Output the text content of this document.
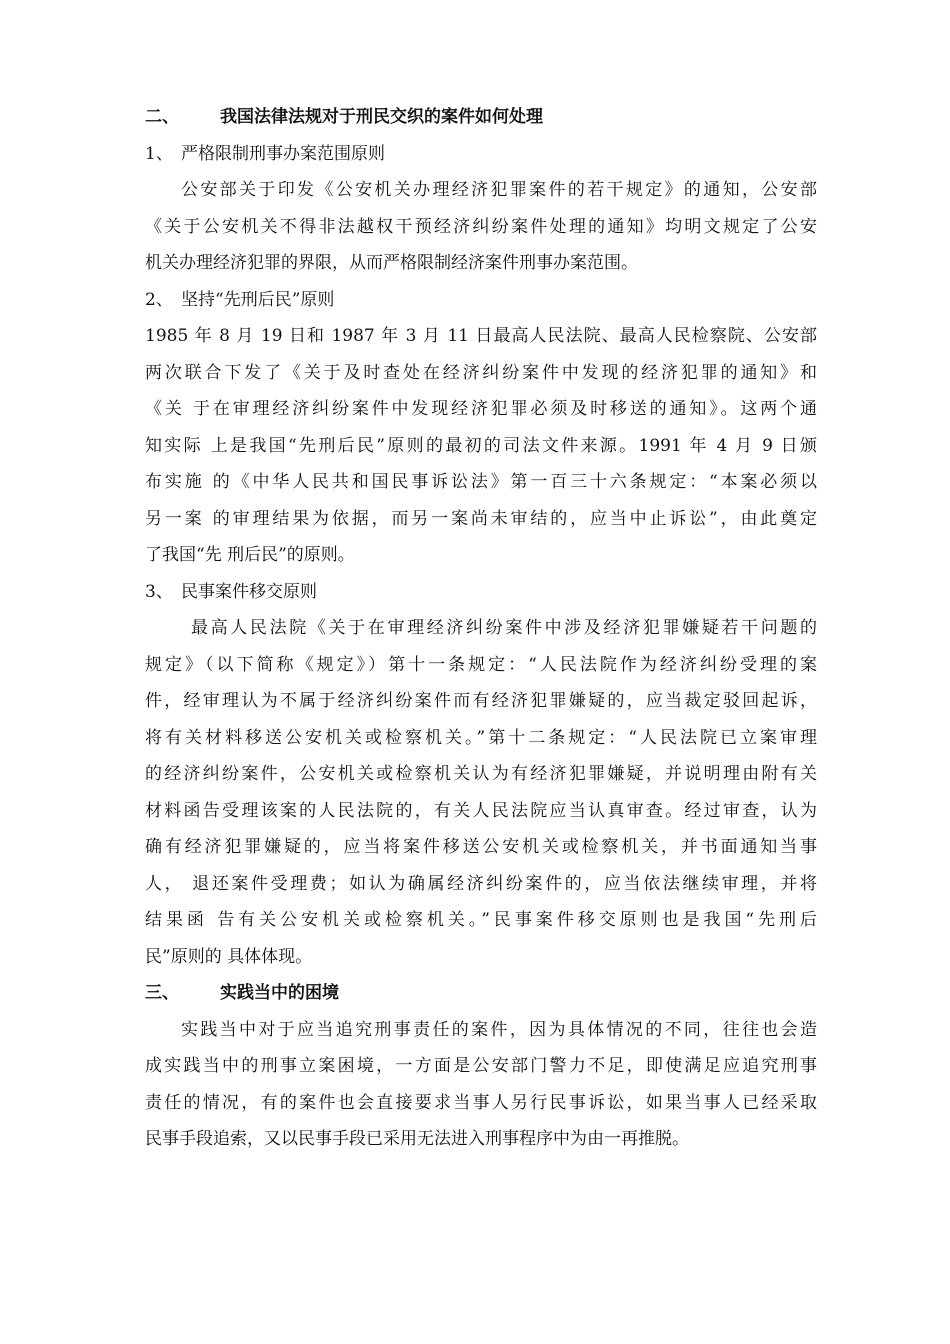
二、 我国法律法规对于刑民交织的案件如何处理
1、 严格限制刑事办案范围原则
公安部关于印发《公安机关办理经济犯罪案件的若干规定》的通知，公安部
《关于公安机关不得非法越权干预经济纠纷案件处理的通知》均明文规定了公安
机关办理经济犯罪的界限，从而严格限制经济案件刑事办案范围。
2、 坚持“先刑后民”原则
1985 年 8 月 19 日和 1987 年 3 月 11 日最高人民法院、最高人民检察院、公安部
两次联合下发了《关于及时查处在经济纠纷案件中发现的经济犯罪的通知》和
《关 于在审理经济纠纷案件中发现经济犯罪必须及时移送的通知》。这两个通
知实际 上是我国“先刑后民”原则的最初的司法文件来源。1991 年 4 月 9 日颁
布实施 的《中华人民共和国民事诉讼法》第一百三十六条规定：“本案必须以
另一案 的审理结果为依据，而另一案尚未审结的，应当中止诉讼”，由此奠定
了我国“先 刑后民”的原则。
3、 民事案件移交原则
最高人民法院《关于在审理经济纠纷案件中涉及经济犯罪嫌疑若干问题的
规定》（以下简称《规定》）第十一条规定：“人民法院作为经济纠纷受理的案
件，经审理认为不属于经济纠纷案件而有经济犯罪嫌疑的，应当裁定驳回起诉，
将有关材料移送公安机关或检察机关。”第十二条规定：“人民法院已立案审理
的经济纠纷案件，公安机关或检察机关认为有经济犯罪嫌疑，并说明理由附有关
材料函告受理该案的人民法院的，有关人民法院应当认真审查。经过审查，认为
确有经济犯罪嫌疑的，应当将案件移送公安机关或检察机关，并书面通知当事
人， 退还案件受理费；如认为确属经济纠纷案件的，应当依法继续审理，并将
结果函 告有关公安机关或检察机关。”民事案件移交原则也是我国“先刑后
民”原则的 具体体现。
三、 实践当中的困境
实践当中对于应当追究刑事责任的案件，因为具体情况的不同，往往也会造
成实践当中的刑事立案困境，一方面是公安部门警力不足，即使满足应追究刑事
责任的情况，有的案件也会直接要求当事人另行民事诉讼，如果当事人已经采取
民事手段追索，又以民事手段已采用无法进入刑事程序中为由一再推脱。
